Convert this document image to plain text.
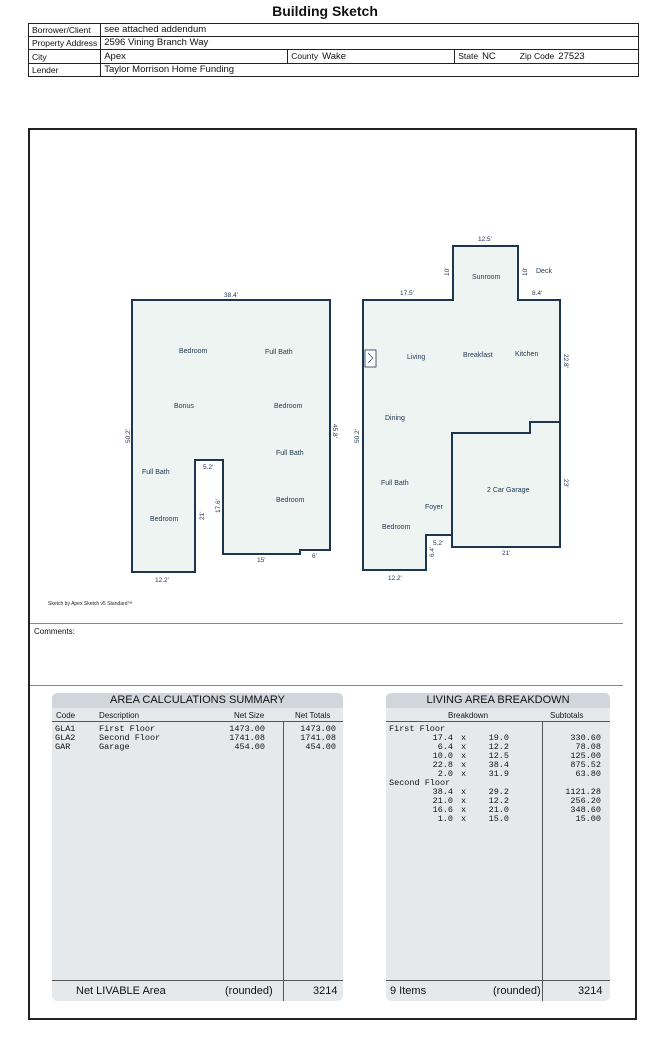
Building Sketch
Borrower/Client	see attached addendum		
Property Address	2596 Vining Branch Way		
City	Apex	County Wake	State NC Zip Code 27523
Lender	Taylor Morrison Home Funding		
Bedroom	Full Bath
Bonus	Bedroom
Full Bath
Full Bath
Bedroom
Bedroom
38.4'
50.2'	45.8'
5.2'
17.6'
21'
15'
6'
12.2'
Sunroom
Deck
Living	Breakfast	Kitchen
Dining
Full Bath
2 Car Garage
Foyer
Bedroom
12.5'
10'	10'
17.5'	8.4'
22.8'
50.2'
23'
5.2'
6.4'	21'
12.2'
Sketch by Apex Sketch v5 Standard™
Comments:
AREA CALCULATIONS SUMMARY
Code	Description	Net Size	Net Totals
GLA1	First Floor	1473.00	1473.00
GLA2	Second Floor	1741.08	1741.08
GAR	Garage	454.00	454.00
Net LIVABLE Area	(rounded)	3214
LIVING AREA BREAKDOWN
Breakdown	Subtotals
First Floor
17.4 x	19.0	330.60
6.4 x	12.2	78.08
10.0 x	12.5	125.00
22.8 x	38.4	875.52
2.0 x	31.9	63.80
Second Floor
38.4 x	29.2	1121.28
21.0 x	12.2	256.20
16.6 x	21.0	348.60
1.0 x	15.0	15.00
9 Items	(rounded)	3214
